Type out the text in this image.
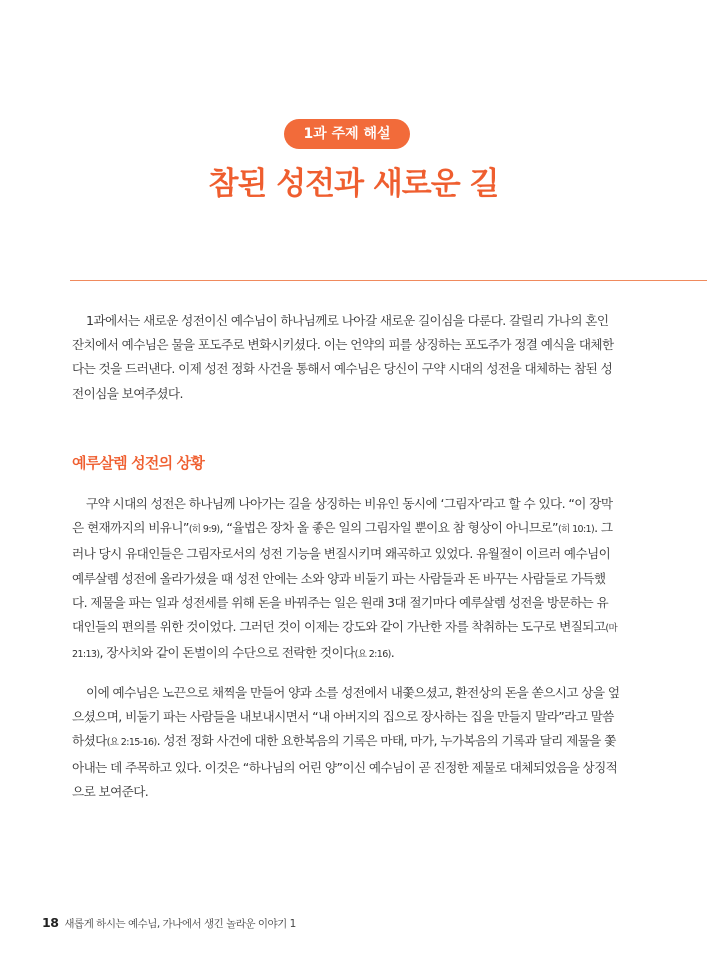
1과 주제 해설
참된 성전과 새로운 길
1과에서는 새로운 성전이신 예수님이 하나님께로 나아갈 새로운 길이심을 다룬다. 갈릴리 가나의 혼인
잔치에서 예수님은 물을 포도주로 변화시키셨다. 이는 언약의 피를 상징하는 포도주가 정결 예식을 대체한
다는 것을 드러낸다. 이제 성전 정화 사건을 통해서 예수님은 당신이 구약 시대의 성전을 대체하는 참된 성
전이심을 보여주셨다.
예루살렘 성전의 상황
구약 시대의 성전은 하나님께 나아가는 길을 상징하는 비유인 동시에 ‘그림자’라고 할 수 있다. “이 장막
은 현재까지의 비유니”(히 9:9), “율법은 장차 올 좋은 일의 그림자일 뿐이요 참 형상이 아니므로”(히 10:1). 그
러나 당시 유대인들은 그림자로서의 성전 기능을 변질시키며 왜곡하고 있었다. 유월절이 이르러 예수님이
예루살렘 성전에 올라가셨을 때 성전 안에는 소와 양과 비둘기 파는 사람들과 돈 바꾸는 사람들로 가득했
다. 제물을 파는 일과 성전세를 위해 돈을 바꿔주는 일은 원래 3대 절기마다 예루살렘 성전을 방문하는 유
대인들의 편의를 위한 것이었다. 그러던 것이 이제는 강도와 같이 가난한 자를 착취하는 도구로 변질되고(마
21:13), 장사치와 같이 돈벌이의 수단으로 전락한 것이다(요 2:16).
이에 예수님은 노끈으로 채찍을 만들어 양과 소를 성전에서 내쫓으셨고, 환전상의 돈을 쏟으시고 상을 엎
으셨으며, 비둘기 파는 사람들을 내보내시면서 “내 아버지의 집으로 장사하는 집을 만들지 말라”라고 말씀
하셨다(요 2:15-16). 성전 정화 사건에 대한 요한복음의 기록은 마태, 마가, 누가복음의 기록과 달리 제물을 쫓
아내는 데 주목하고 있다. 이것은 “하나님의 어린 양”이신 예수님이 곧 진정한 제물로 대체되었음을 상징적
으로 보여준다.
18 새롭게 하시는 예수님, 가나에서 생긴 놀라운 이야기 1
